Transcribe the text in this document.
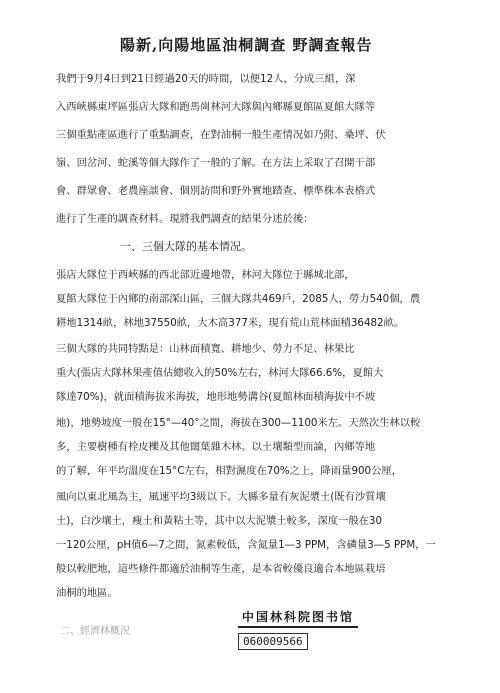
陽新,向陽地區油桐調查 野調查報告
我們于9月4日到21日經過20天的時間，以便12人，分成三組，深
入西峽縣東坪區張店大隊和跑馬崗林河大隊與內鄉縣夏館區夏館大隊等
三個重點產區進行了重點調查，在對油桐一般生產情况如乃附、桑坪、伏
嶺、回岔河、蛇溪等個大隊作了一般的了解。在方法上采取了召開干部
會、群眾會、老農座談會、個別訪問和野外實地踏查、標準株本表格式
進行了生產的調查材料。現將我們調查的結果分述於後：
一、三個大隊的基本情况。
張店大隊位于西峽縣的西北部近邊地帶，林河大隊位于縣城北部，
夏館大隊位于內鄉的南部深山區，三個大隊共469戶，2085人，勞力540個，農
耕地1314畝，林地37550畝，大木高377米，現有荒山荒林面積36482畝。
三個大隊的共同特點是：山林面積寬、耕地少、勞力不足、林果比
重大(張店大隊林果產值佔總收入的50%左右，林河大隊66.6%，夏館大
隊達70%)，就面積海拔米海拔，地形地勢溝谷(夏館林面積海拔中不坡
地)，地勢坡度一般在15°—40°之間，海拔在300—1100米左。天然次生林以較
多，主要樹種有栓皮櫟及其他闊葉雜木林。以土壤類型而論，內鄉等地
的了解，年平均溫度在15°C左右，相對濕度在70%之上，降雨量900公厘，
風向以東北風為主，風速平均3級以下。大縣多量有灰泥漿土(既有沙質壤
土)，白沙壤土，瘦土和黃粘土等，其中以大泥漿土較多，深度一般在30
一120公厘，pH值6—7之間，氮素較低，含氮量1—3 PPM，含磷量3—5 PPM，一
般以較肥地，這些條件都適於油桐等生產，是本省較優良適合本地區栽培
油桐的地區。
二、經濟林概況
中国林科院图书馆
060009566
